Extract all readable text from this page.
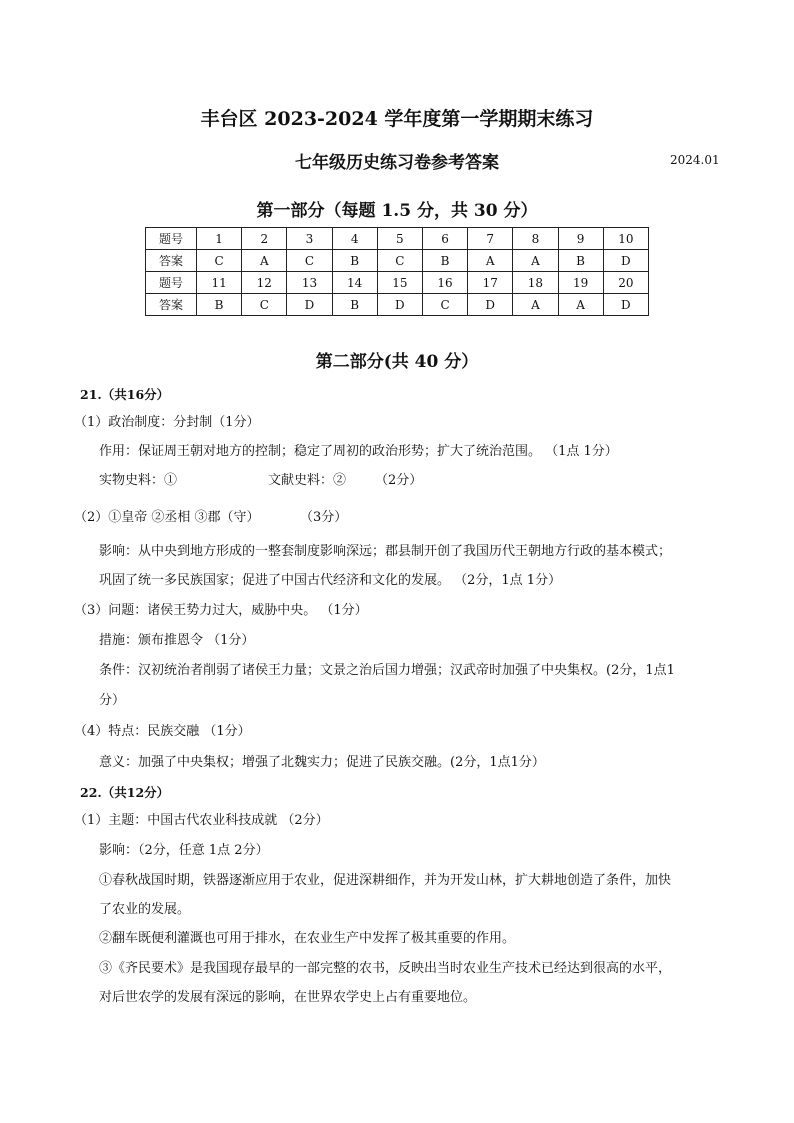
丰台区 2023-2024 学年度第一学期期末练习
七年级历史练习卷参考答案	2024.01
第一部分（每题 1.5 分，共 30 分）
题号	1	2	3	4	5	6	7	8	9	10
答案	C	A	C	B	C	B	A	A	B	D
题号	11	12	13	14	15	16	17	18	19	20
答案	B	C	D	B	D	C	D	A	A	D
第二部分(共 40 分）
21.（共16分）
（1）政治制度：分封制（1分）
作用：保证周王朝对地方的控制；稳定了周初的政治形势；扩大了统治范围。 （1点 1分）
实物史料：①	文献史料：② （2分）
（2）①皇帝 ②丞相 ③郡（守）	（3分）
影响：从中央到地方形成的一整套制度影响深远；郡县制开创了我国历代王朝地方行政的基本模式；
巩固了统一多民族国家；促进了中国古代经济和文化的发展。 （2分，1点 1分）
（3）问题：诸侯王势力过大，威胁中央。 （1分）
措施：颁布推恩令 （1分）
条件：汉初统治者削弱了诸侯王力量；文景之治后国力增强；汉武帝时加强了中央集权。(2分，1点1
分）
（4）特点：民族交融 （1分）
意义：加强了中央集权；增强了北魏实力；促进了民族交融。(2分，1点1分）
22.（共12分）
（1）主题：中国古代农业科技成就 （2分）
影响：（2分，任意 1点 2分）
①春秋战国时期，铁器逐渐应用于农业，促进深耕细作，并为开发山林，扩大耕地创造了条件，加快
了农业的发展。
②翻车既便利灌溉也可用于排水，在农业生产中发挥了极其重要的作用。
③《齐民要术》是我国现存最早的一部完整的农书，反映出当时农业生产技术已经达到很高的水平，
对后世农学的发展有深远的影响，在世界农学史上占有重要地位。
